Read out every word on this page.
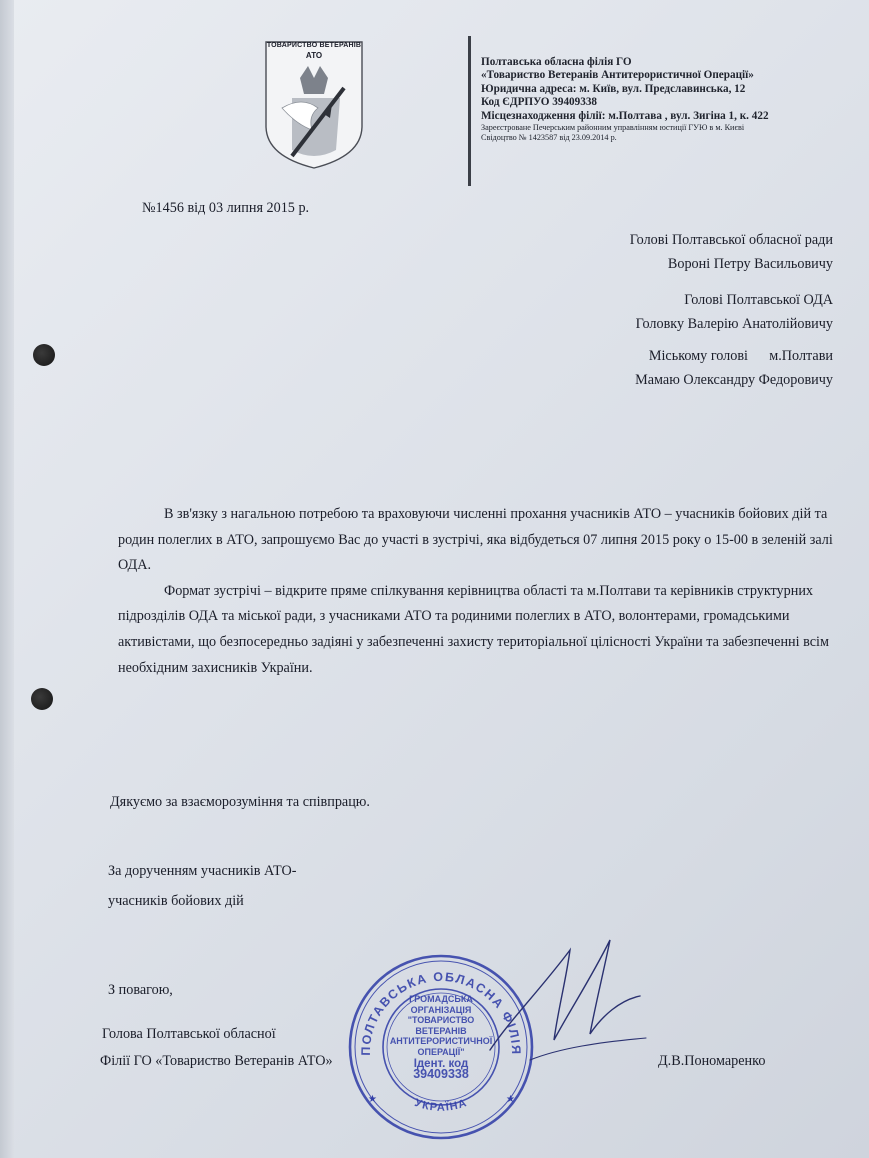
ТОВАРИСТВО ВЕТЕРАНІВ
АТО
Полтавська обласна філія ГО
«Товариство Ветеранів Антитерористичної Операції»
Юридична адреса: м. Київ, вул. Предславинська, 12
Код ЄДРПУО 39409338
Місцезнаходження філії: м.Полтава , вул. Зигіна 1, к. 422
Зареєстроване Печерським районним управлінням юстиції ГУЮ в м. Києві
Свідоцтво № 1423587 від 23.09.2014 р.
№1456 від 03 липня 2015 р.
Голові Полтавської обласної ради
Вороні Петру Васильовичу
Голові Полтавської ОДА
Головку Валерію Анатолійовичу
Міському голові      м.Полтави
Мамаю Олександру Федоровичу

В зв'язку з нагальною потребою та враховуючи численні прохання учасників АТО – учасників бойових дій та родин полеглих в АТО, запрошуємо Вас до участі в зустрічі, яка відбудеться 07 липня 2015 року о 15-00 в зеленій залі ОДА.

Формат зустрічі – відкрите пряме спілкування керівництва області та м.Полтави та керівників структурних підрозділів ОДА та міської ради, з учасниками АТО та родиними полеглих в АТО, волонтерами, громадськими активістами, що безпосередньо задіяні у забезпеченні захисту територіальної цілісності України та забезпеченні всім необхідним захисників України.

Дякуємо за взаєморозуміння та співпрацю.
За дорученням учасників АТО-
учасників бойових дій
З повагою,
Голова Полтавської обласної
Філії ГО «Товариство Ветеранів АТО»	Д.В.Пономаренко
ПОЛТАВСЬКА ОБЛАСНА ФІЛІЯ
УКРАЇНА
★	★
ГРОМАДСЬКА
ОРГАНІЗАЦІЯ
"ТОВАРИСТВО
ВЕТЕРАНІВ
АНТИТЕРОРИСТИЧНОЇ
ОПЕРАЦІЇ"
Ідент. код
39409338
